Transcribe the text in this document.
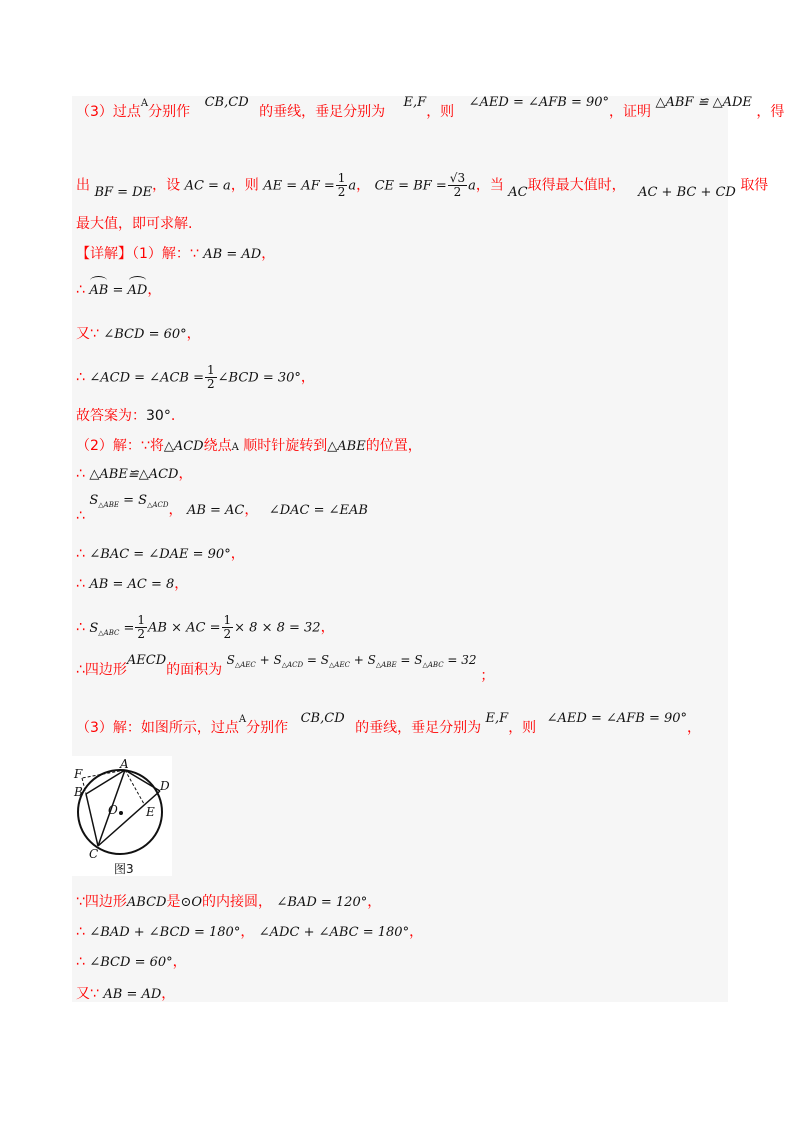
（3）过点$^A$分别作 CB,CD 的垂线，垂足分别为 E,F，则 ∠AED = ∠AFB = 90°，证明 △ABF ≌ △ADE ，得
出 BF = DE，设 AC = a，则 AE = AF = $\frac{1}{2}$ a， CE = BF = $\frac{√3}{2}$ a，当 AC取得最大值时， AC + BC + CD 取得
最大值，即可求解.
【详解】（1）解：∵ AB = AD，
∴ AB = AD，
又∵ ∠BCD = 60°，
∴ ∠ACD = ∠ACB = $\frac{1}{2}$ ∠BCD = 30°，
故答案为：30°.
（2）解：∵将△ACD绕点A 顺时针旋转到△ABE的位置，
∴ △ABE≌△ACD，
∴ $S_{\triangle ABE} = S_{\triangle ACD}$， AB = AC， ∠DAC = ∠EAB
∴ ∠BAC = ∠DAE = 90°，
∴ AB = AC = 8，
∴ $S_{\triangle ABC} = \frac{1}{2}$ AB × AC = $\frac{1}{2} \times 8 \times 8 = 32$，
∴四边形AECD的面积为 $S_{\triangle AEC} + S_{\triangle ACD} = S_{\triangle AEC} + S_{\triangle ABE} = S_{\triangle ABC} = 32$ ；
（3）解：如图所示，过点$^A$分别作 CB,CD 的垂线，垂足分别为 E,F，则 ∠AED = ∠AFB = 90°，
A
B
F
D
E
O
C
图3
∵四边形ABCD是⊙O的内接圆， ∠BAD = 120°，
∴ ∠BAD + ∠BCD = 180°， ∠ADC + ∠ABC = 180°，
∴ ∠BCD = 60°，
又∵ AB = AD，
